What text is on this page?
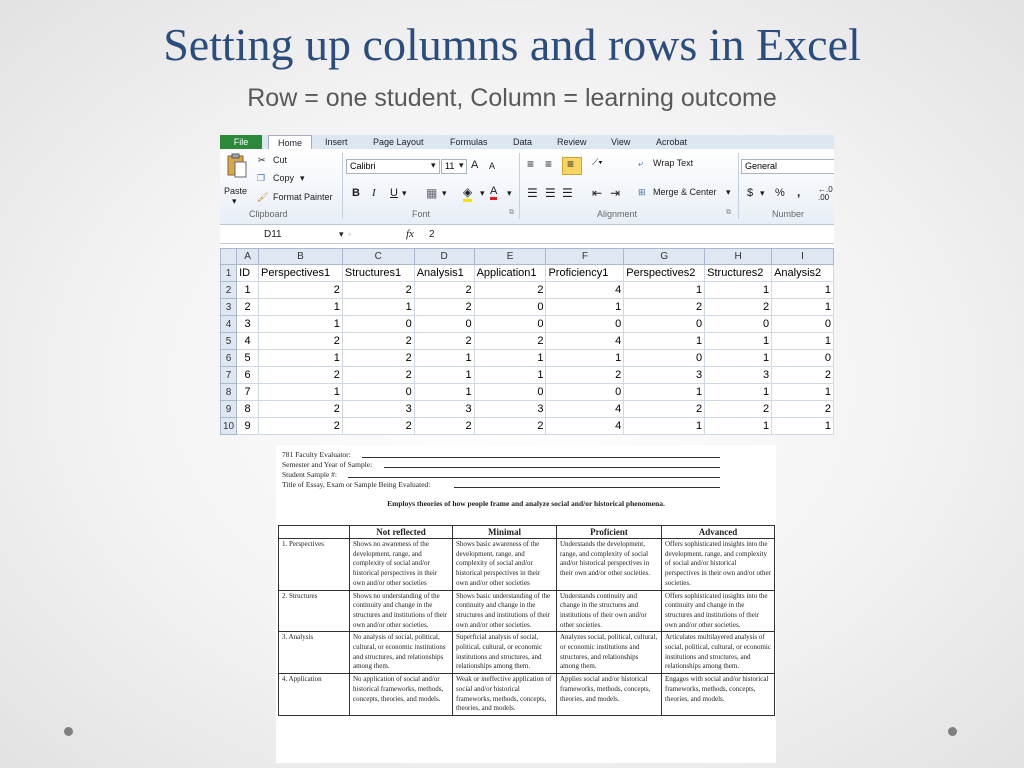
Setting up columns and rows in Excel
Row = one student, Column = learning outcome
File	Home	Insert	Page Layout	Formulas	Data	Review	View	Acrobat
Paste
▾
✂ Cut
❐ Copy ▾
🖌 Format Painter
Clipboard
Calibri	▾	11 ▾ A A
B I U ▾ ▦ ▾ ◈ ▾ A ▾
Font	⧉
≡ ≡ ≡ ⟋▾
☰ ☰ ☰ ⇤ ⇥
⤶ Wrap Text
⊞ Merge & Center ▾
Alignment	⧉
General
$ ▾ % , ←.0
.00
Number
D11	▾ ◦	fx 2
	A	B	C	D	E	F	G	H	I
1	ID	Perspectives1	Structures1	Analysis1	Application1	Proficiency1	Perspectives2	Structures2	Analysis2
2	1	2	2	2	2	4	1	1	1
3	2	1	1	2	0	1	2	2	1
4	3	1	0	0	0	0	0	0	0
5	4	2	2	2	2	4	1	1	1
6	5	1	2	1	1	1	0	1	0
7	6	2	2	1	1	2	3	3	2
8	7	1	0	1	0	0	1	1	1
9	8	2	3	3	3	4	2	2	2
10	9	2	2	2	2	4	1	1	1
781 Faculty Evaluator:
Semester and Year of Sample:
Student Sample #:
Title of Essay, Exam or Sample Being Evaluated:
Employs theories of how people frame and analyze social and/or historical phenomena.
	Not reflected	Minimal	Proficient	Advanced
1. Perspectives	Shows no awareness of the development, range, and complexity of social and/or historical perspectives in their own and/or other societies	Shows basic awareness of the development, range, and complexity of social and/or historical perspectives in their own and/or other societies	Understands the development, range, and complexity of social and/or historical perspectives in their own and/or other societies.	Offers sophisticated insights into the development, range, and complexity of social and/or historical perspectives in their own and/or other societies.
2. Structures	Shows no understanding of the continuity and change in the structures and institutions of their own and/or other societies.	Shows basic understanding of the continuity and change in the structures and institutions of their own and/or other societies.	Understands continuity and change in the structures and institutions of their own and/or other societies.	Offers sophisticated insights into the continuity and change in the structures and institutions of their own and/or other societies.
3. Analysis	No analysis of social, political, cultural, or economic institutions and structures, and relationships among them.	Superficial analysis of social, political, cultural, or economic institutions and structures, and relationships among them.	Analyzes social, political, cultural, or economic institutions and structures, and relationships among them.	Articulates multilayered analysis of social, political, cultural, or economic institutions and structures, and relationships among them.
4. Application	No application of social and/or historical frameworks, methods, concepts, theories, and models.	Weak or ineffective application of social and/or historical frameworks, methods, concepts, theories, and models.	Applies social and/or historical frameworks, methods, concepts, theories, and models.	Engages with social and/or historical frameworks, methods, concepts, theories, and models.
